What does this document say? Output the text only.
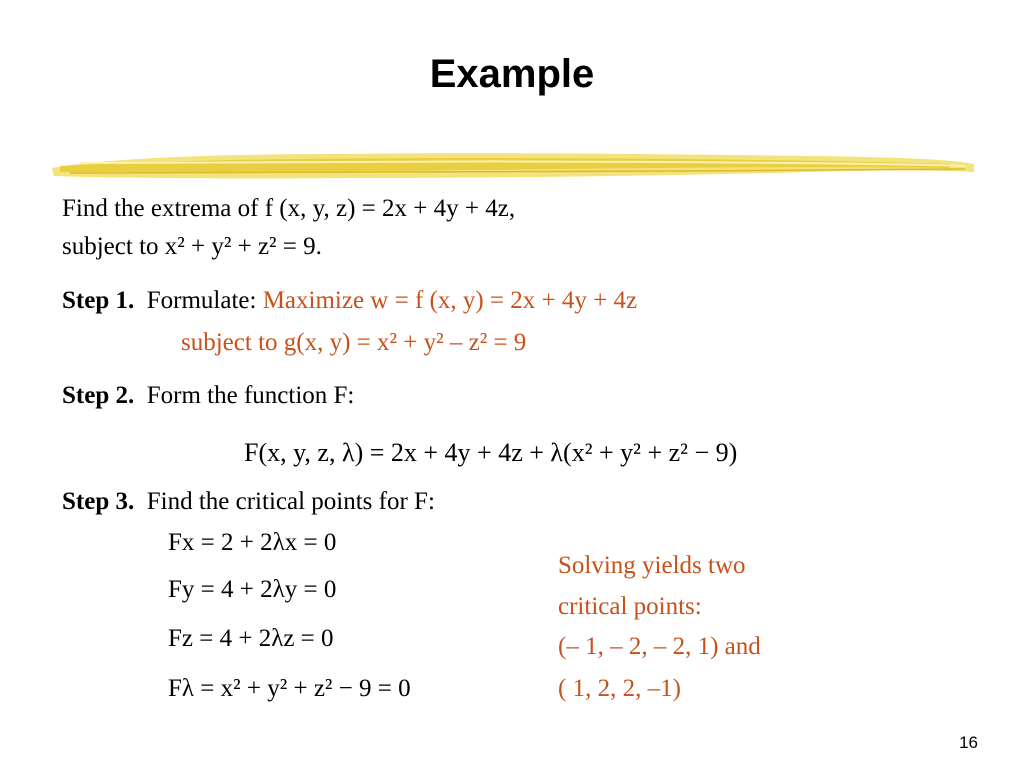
Example
Find the extrema of f (x, y, z) = 2x + 4y + 4z,
subject to x² + y² + z² = 9.
Step 1. Formulate: Maximize w = f (x, y) = 2x + 4y + 4z
subject to g(x, y) = x² + y² – z² = 9
Step 2. Form the function F:
F(x, y, z, λ) = 2x + 4y + 4z + λ(x² + y² + z² − 9)
Step 3. Find the critical points for F:
Fx = 2 + 2λx = 0
Fy = 4 + 2λy = 0
Fz = 4 + 2λz = 0
Fλ = x² + y² + z² − 9 = 0
Solving yields two
critical points:
(– 1, – 2, – 2, 1) and
( 1, 2, 2, –1)
16
